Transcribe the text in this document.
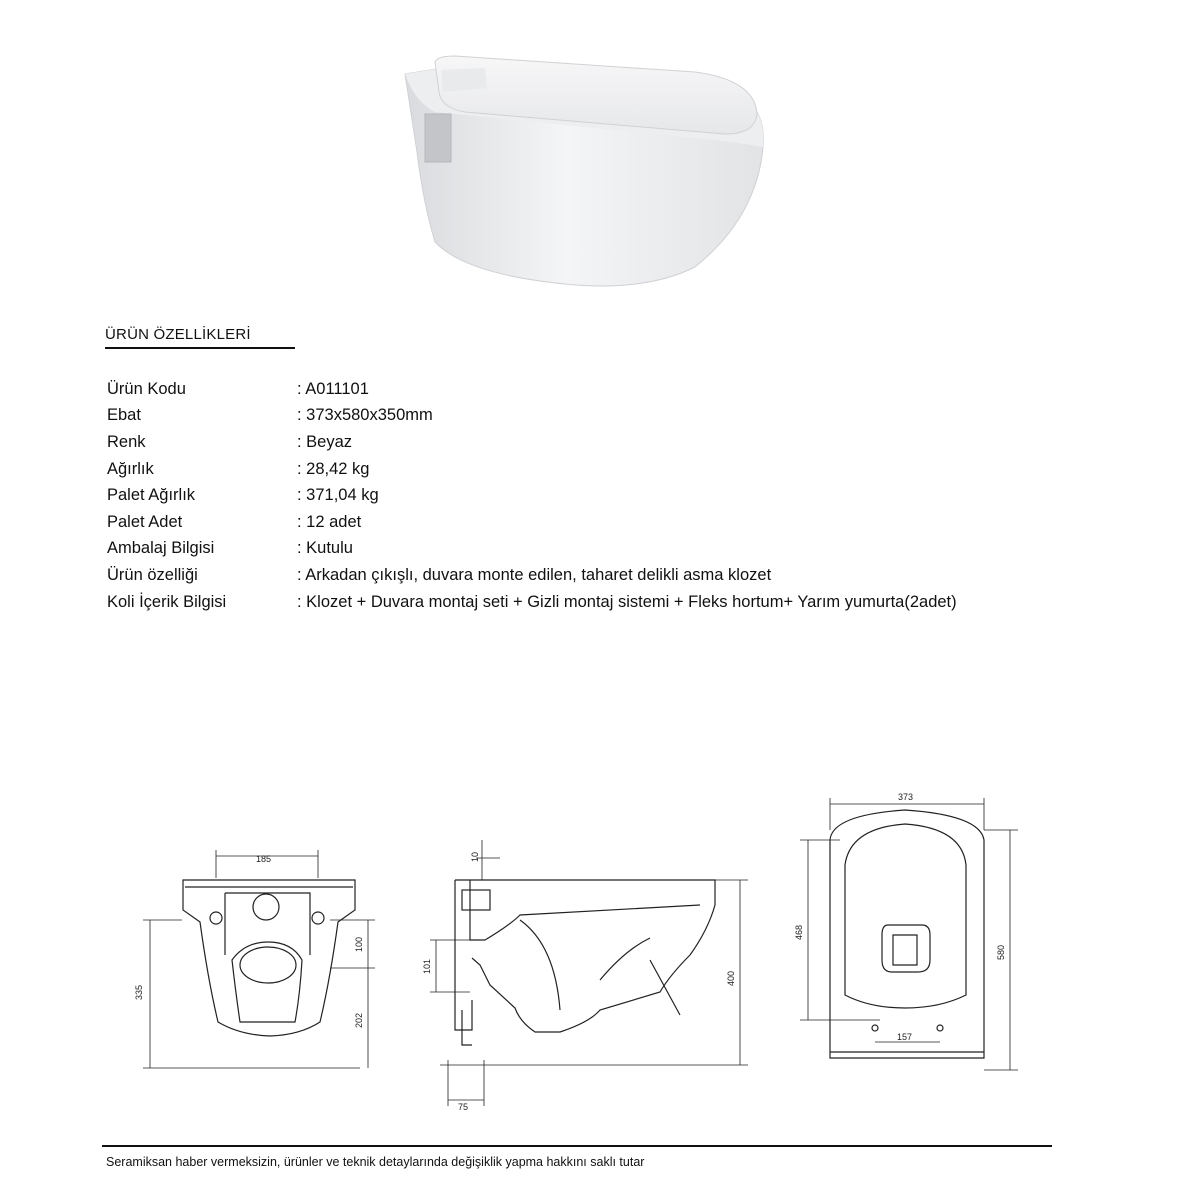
ÜRÜN ÖZELLİKLERİ
Ürün Kodu	: A011101
Ebat	: 373x580x350mm
Renk	: Beyaz
Ağırlık	: 28,42 kg
Palet Ağırlık	: 371,04 kg
Palet Adet	: 12 adet
Ambalaj Bilgisi	: Kutulu
Ürün özelliği	: Arkadan çıkışlı, duvara monte edilen, taharet delikli asma klozet
Koli İçerik Bilgisi	: Klozet + Duvara montaj seti + Gizli montaj sistemi + Fleks hortum+ Yarım yumurta(2adet)
185
335
100
202
10
101
400
75
373
468
580
157
Seramiksan haber vermeksizin, ürünler ve teknik detaylarında değişiklik yapma hakkını saklı tutar
